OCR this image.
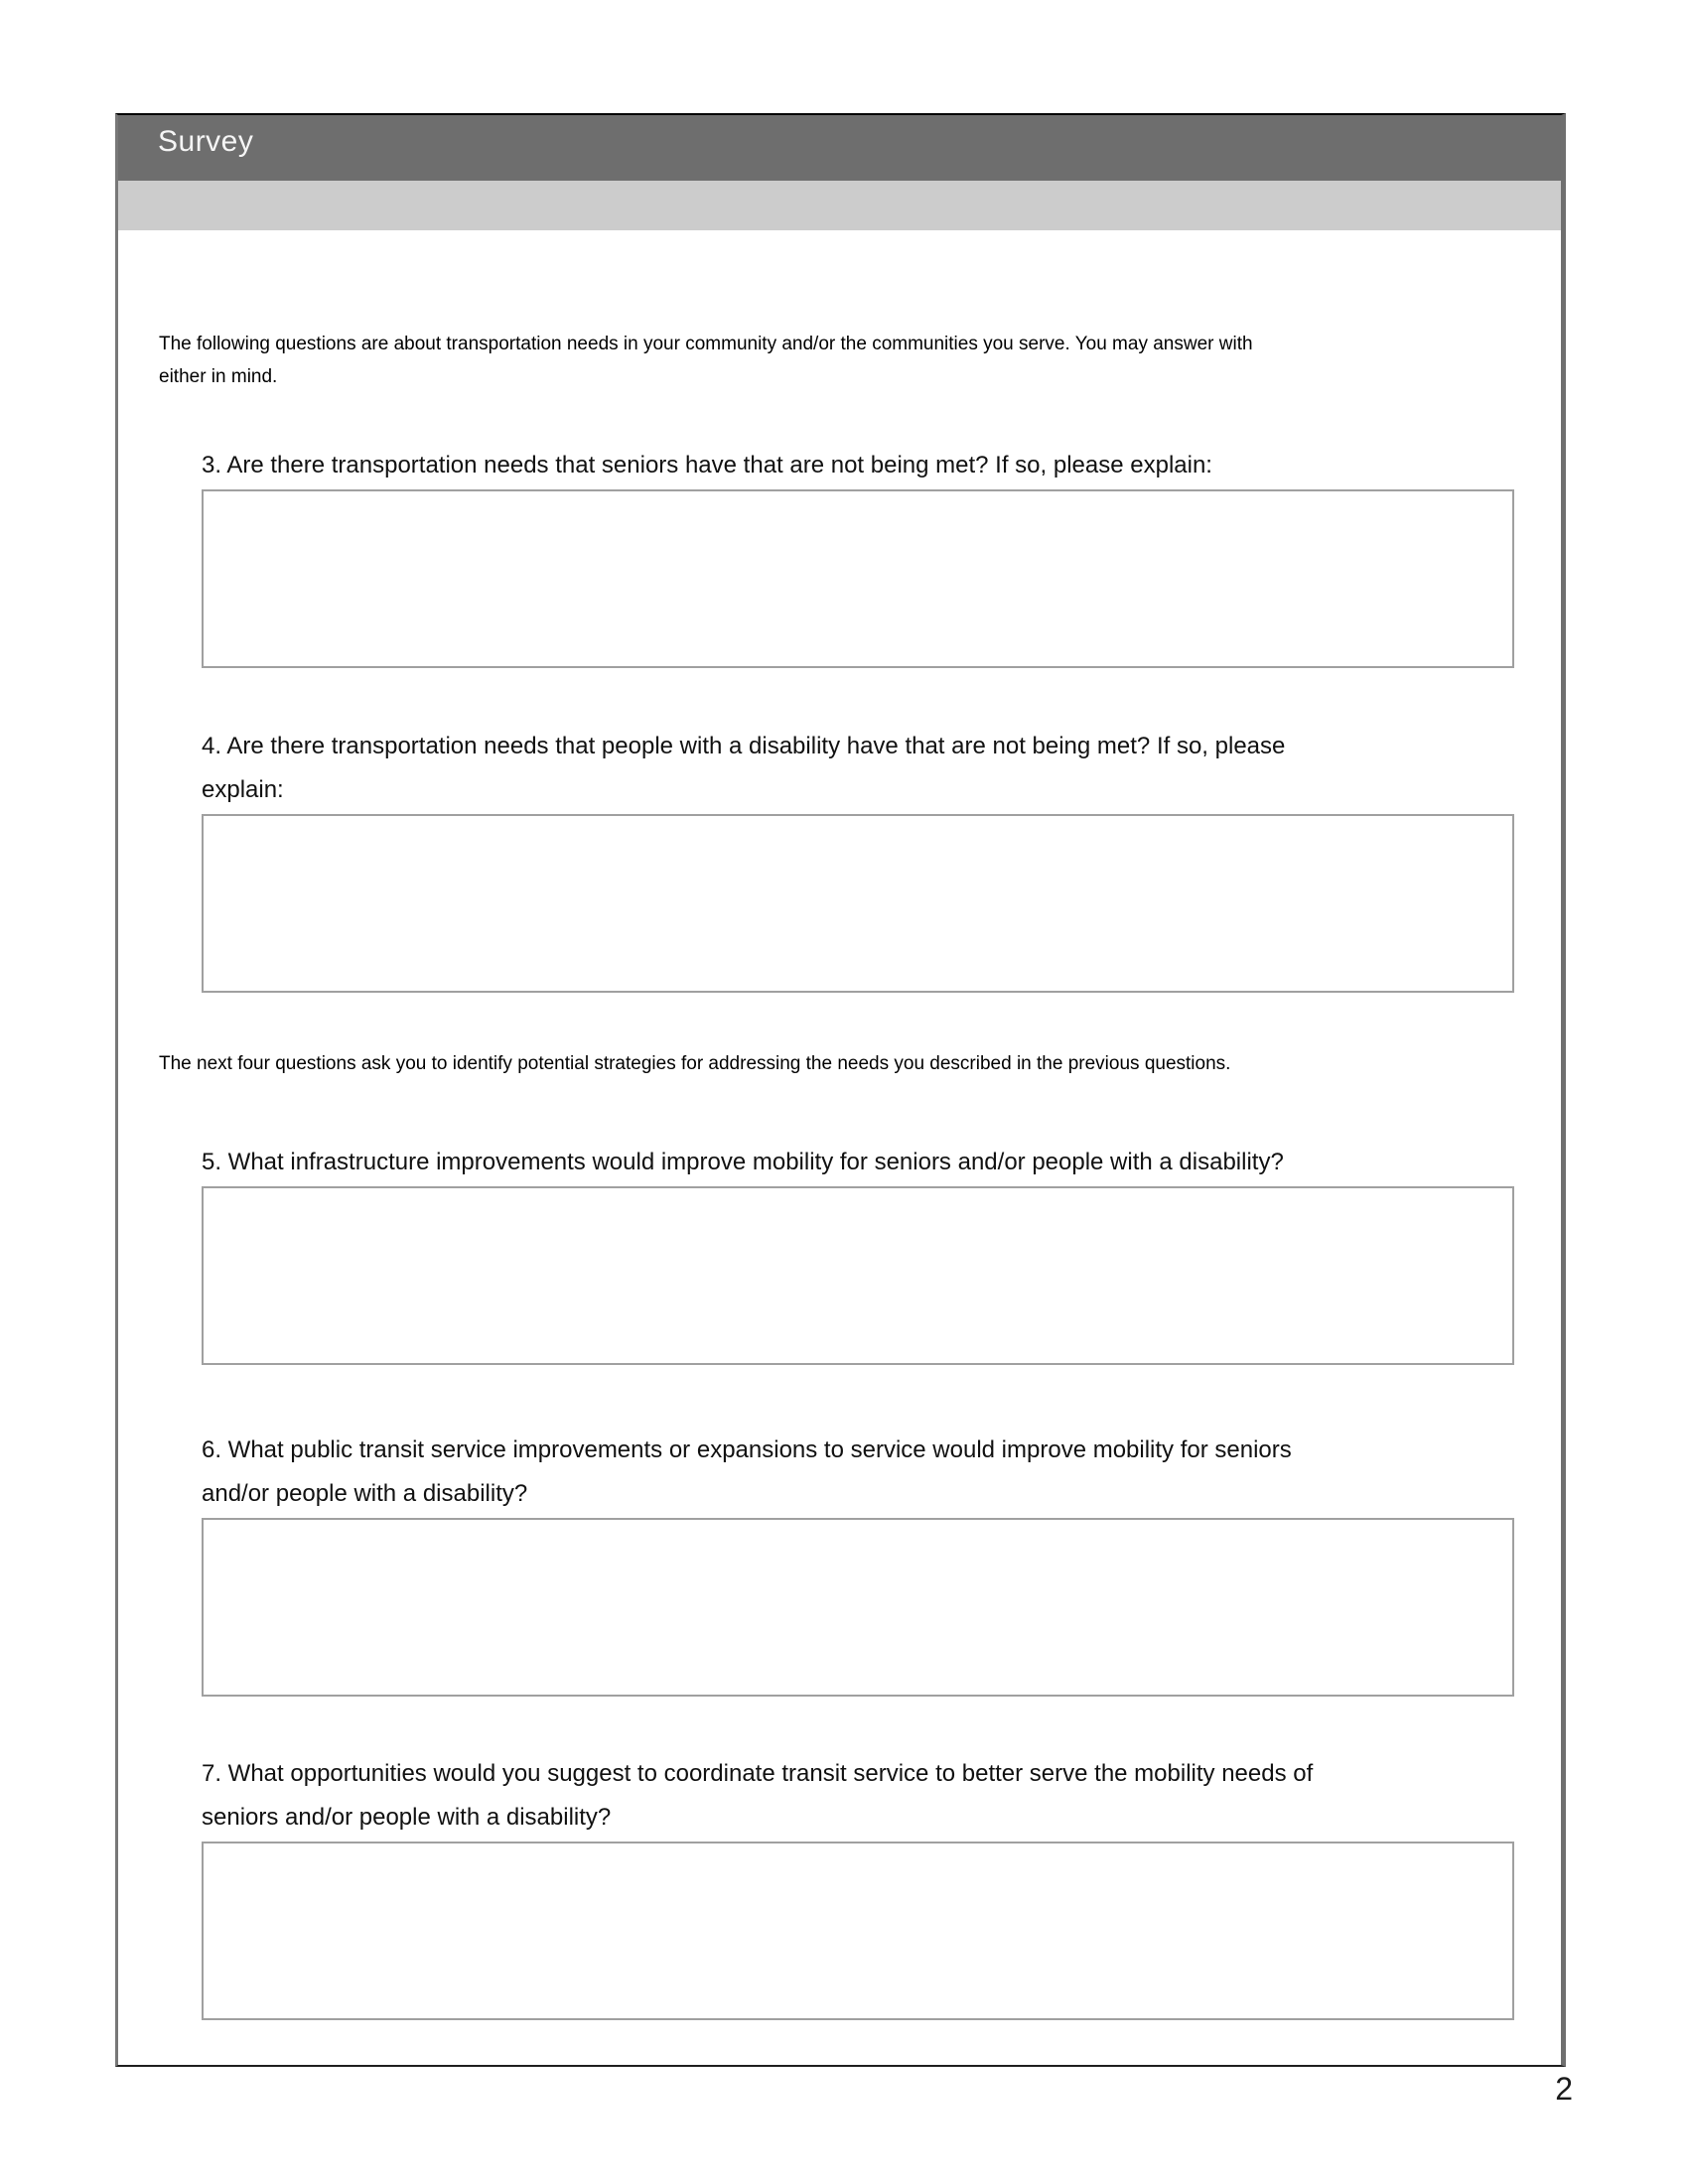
Survey
The following questions are about transportation needs in your community and/or the communities you serve. You may answer with
either in mind.
3. Are there transportation needs that seniors have that are not being met? If so, please explain:
4. Are there transportation needs that people with a disability have that are not being met? If so, please
explain:
The next four questions ask you to identify potential strategies for addressing the needs you described in the previous questions.
5. What infrastructure improvements would improve mobility for seniors and/or people with a disability?
6. What public transit service improvements or expansions to service would improve mobility for seniors
and/or people with a disability?
7. What opportunities would you suggest to coordinate transit service to better serve the mobility needs of
seniors and/or people with a disability?
2
